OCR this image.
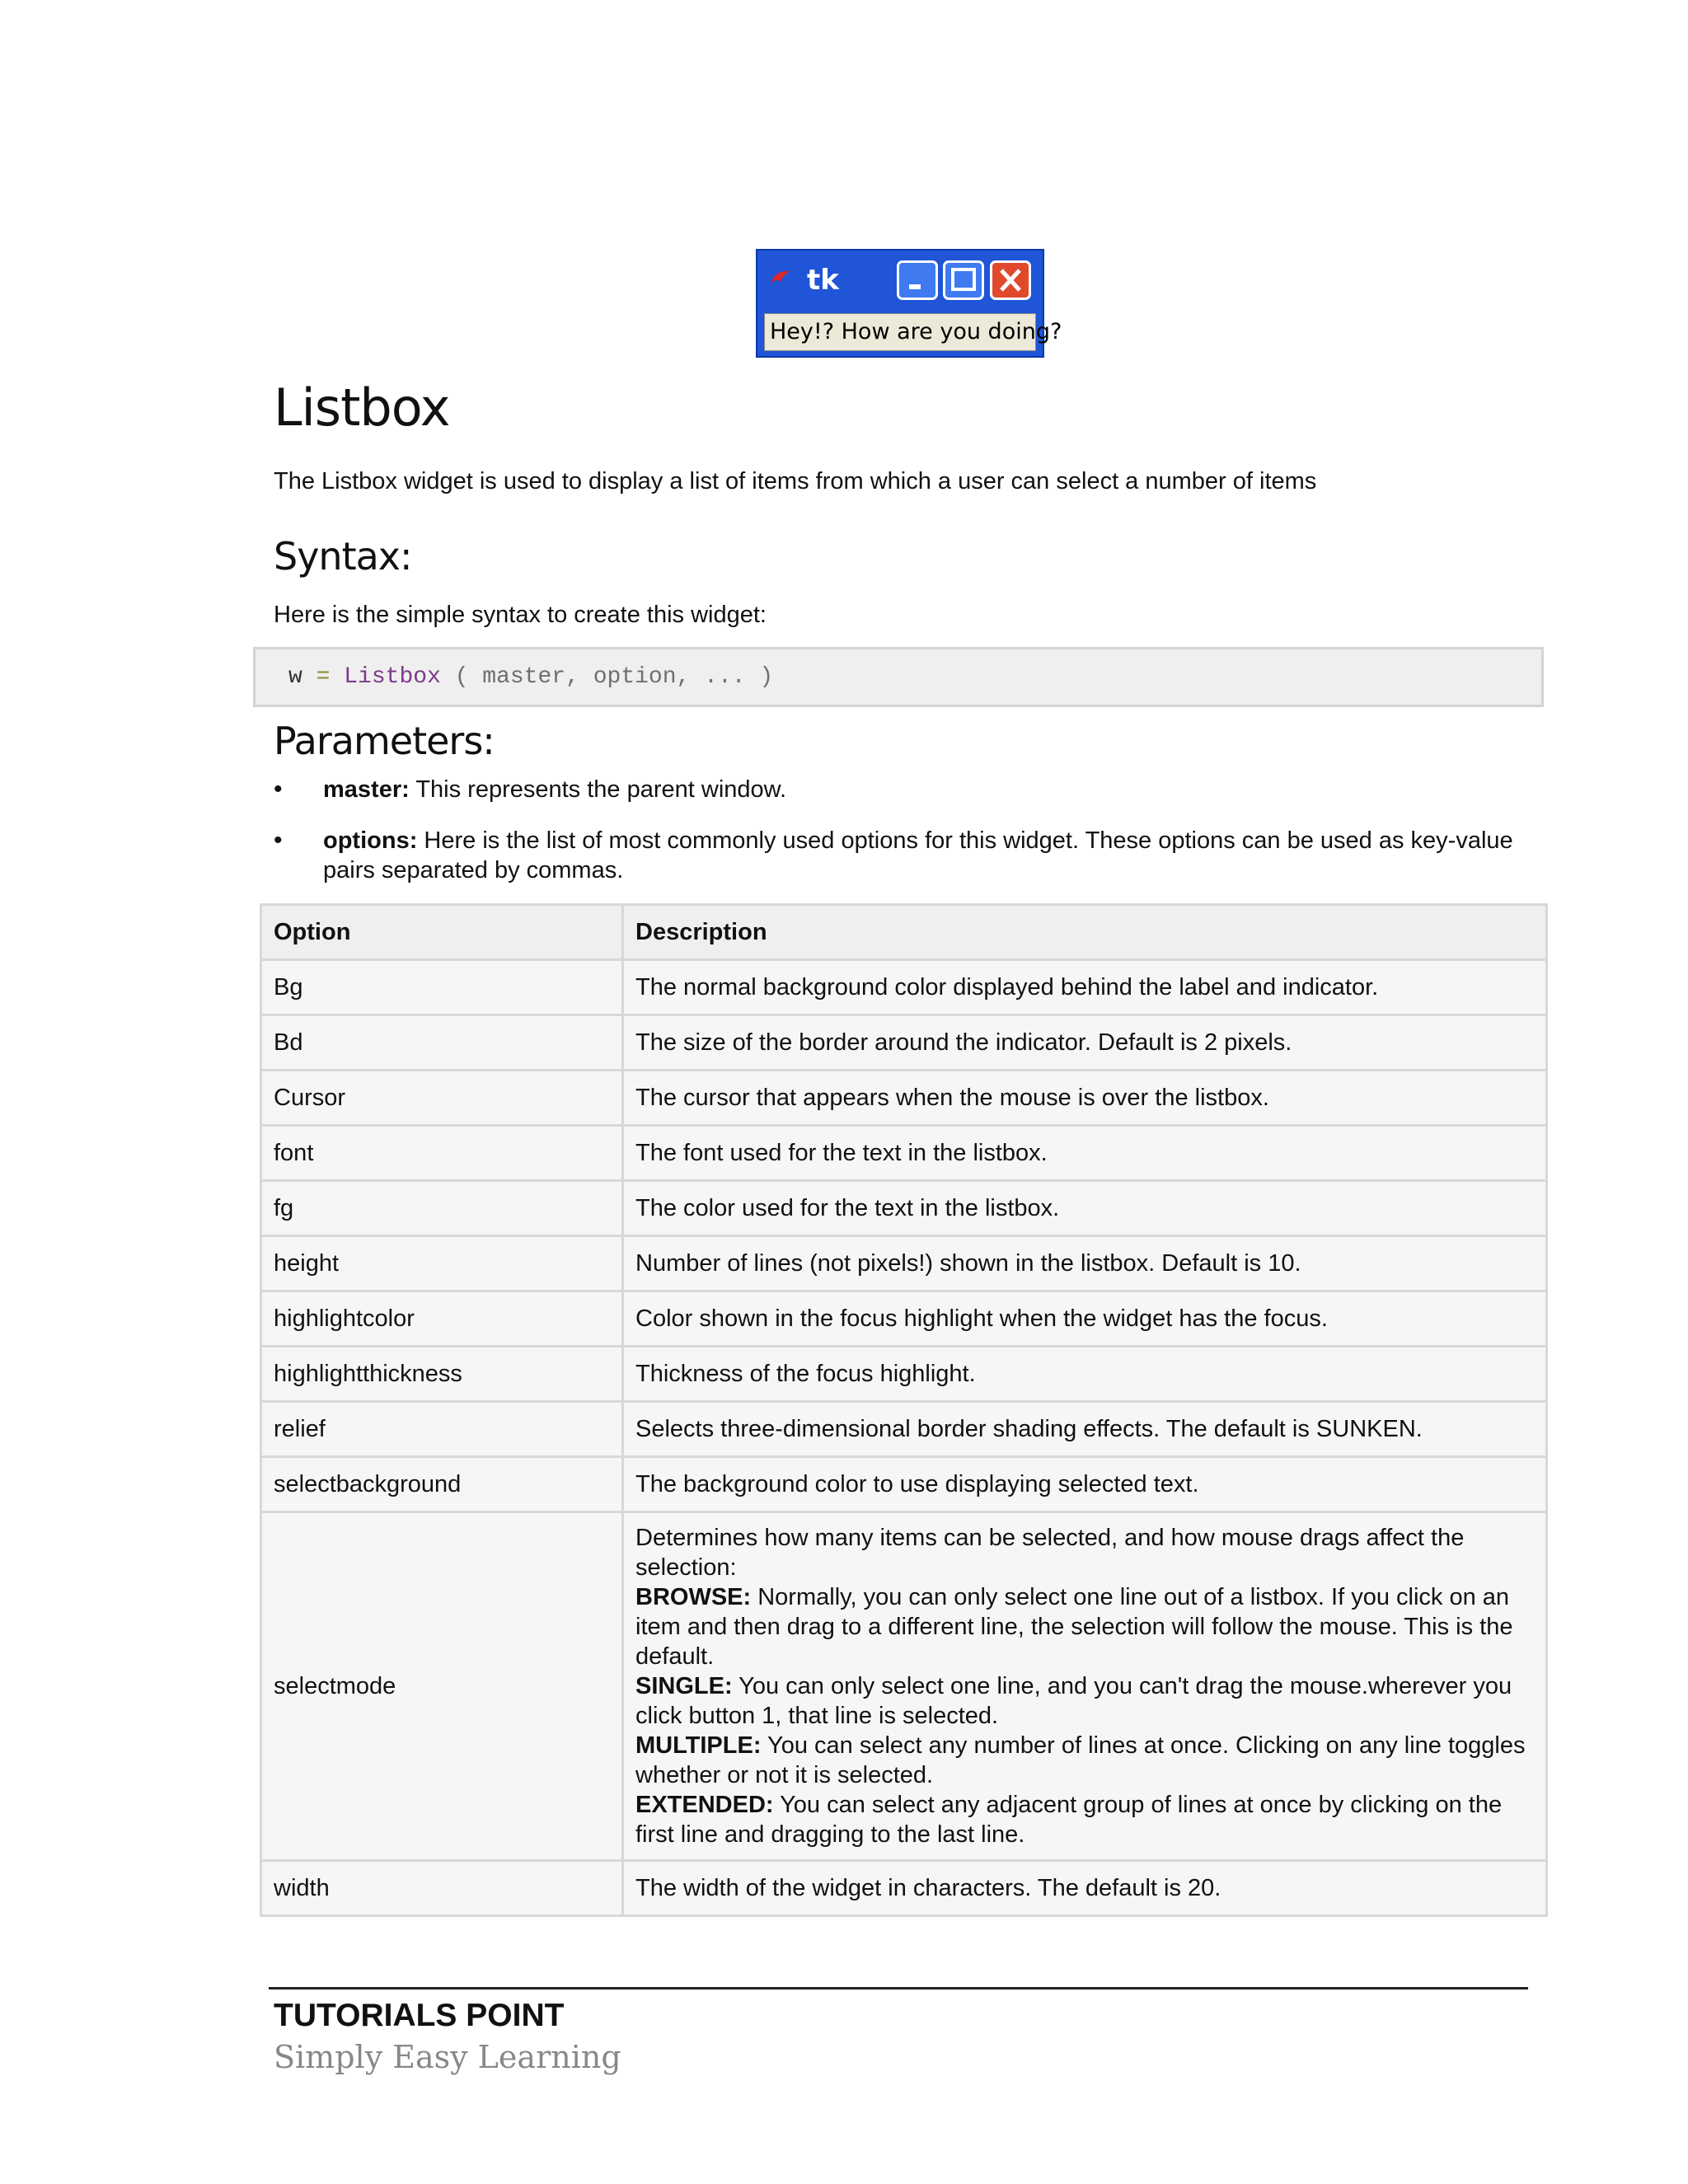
tk
Hey!? How are you doing?
Listbox
The Listbox widget is used to display a list of items from which a user can select a number of items
Syntax:
Here is the simple syntax to create this widget:
w = Listbox ( master, option, ... )
Parameters:
• master: This represents the parent window.
• options: Here is the list of most commonly used options for this widget. These options can be used as key-value pairs separated by commas.
Option	Description
Bg	The normal background color displayed behind the label and indicator.
Bd	The size of the border around the indicator. Default is 2 pixels.
Cursor	The cursor that appears when the mouse is over the listbox.
font	The font used for the text in the listbox.
fg	The color used for the text in the listbox.
height	Number of lines (not pixels!) shown in the listbox. Default is 10.
highlightcolor	Color shown in the focus highlight when the widget has the focus.
highlightthickness	Thickness of the focus highlight.
relief	Selects three-dimensional border shading effects. The default is SUNKEN.
selectbackground	The background color to use displaying selected text.
selectmode	Determines how many items can be selected, and how mouse drags affect the selection:
BROWSE: Normally, you can only select one line out of a listbox. If you click on an item and then drag to a different line, the selection will follow the mouse. This is the default.
SINGLE: You can only select one line, and you can't drag the mouse.wherever you click button 1, that line is selected.
MULTIPLE: You can select any number of lines at once. Clicking on any line toggles whether or not it is selected.
EXTENDED: You can select any adjacent group of lines at once by clicking on the first line and dragging to the last line.

width	The width of the widget in characters. The default is 20.
TUTORIALS POINT
Simply Easy Learning
